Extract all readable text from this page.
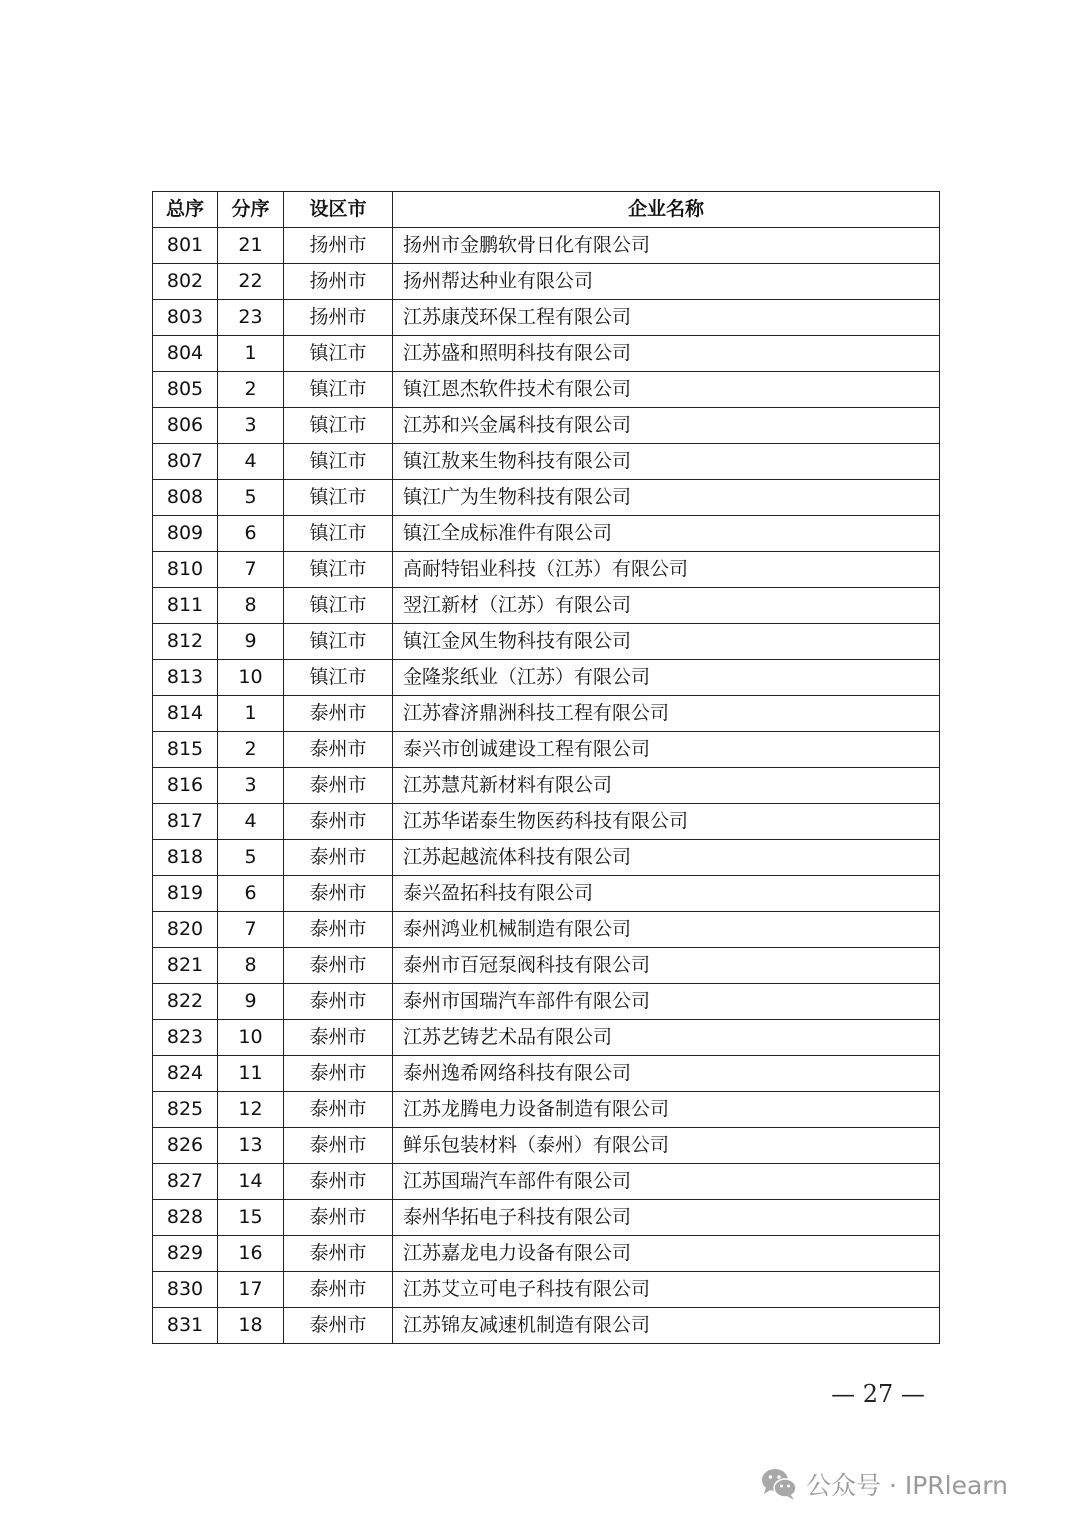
总序	分序	设区市	企业名称
801	21	扬州市	扬州市金鹏软骨日化有限公司
802	22	扬州市	扬州帮达种业有限公司
803	23	扬州市	江苏康茂环保工程有限公司
804	1	镇江市	江苏盛和照明科技有限公司
805	2	镇江市	镇江恩杰软件技术有限公司
806	3	镇江市	江苏和兴金属科技有限公司
807	4	镇江市	镇江敖来生物科技有限公司
808	5	镇江市	镇江广为生物科技有限公司
809	6	镇江市	镇江全成标准件有限公司
810	7	镇江市	高耐特铝业科技（江苏）有限公司
811	8	镇江市	翌江新材（江苏）有限公司
812	9	镇江市	镇江金风生物科技有限公司
813	10	镇江市	金隆浆纸业（江苏）有限公司
814	1	泰州市	江苏睿济鼎洲科技工程有限公司
815	2	泰州市	泰兴市创诚建设工程有限公司
816	3	泰州市	江苏慧芃新材料有限公司
817	4	泰州市	江苏华诺泰生物医药科技有限公司
818	5	泰州市	江苏起越流体科技有限公司
819	6	泰州市	泰兴盈拓科技有限公司
820	7	泰州市	泰州鸿业机械制造有限公司
821	8	泰州市	泰州市百冠泵阀科技有限公司
822	9	泰州市	泰州市国瑞汽车部件有限公司
823	10	泰州市	江苏艺铸艺术品有限公司
824	11	泰州市	泰州逸希网络科技有限公司
825	12	泰州市	江苏龙腾电力设备制造有限公司
826	13	泰州市	鲜乐包装材料（泰州）有限公司
827	14	泰州市	江苏国瑞汽车部件有限公司
828	15	泰州市	泰州华拓电子科技有限公司
829	16	泰州市	江苏嘉龙电力设备有限公司
830	17	泰州市	江苏艾立可电子科技有限公司
831	18	泰州市	江苏锦友减速机制造有限公司
— 27 —
公众号 · IPRlearn
